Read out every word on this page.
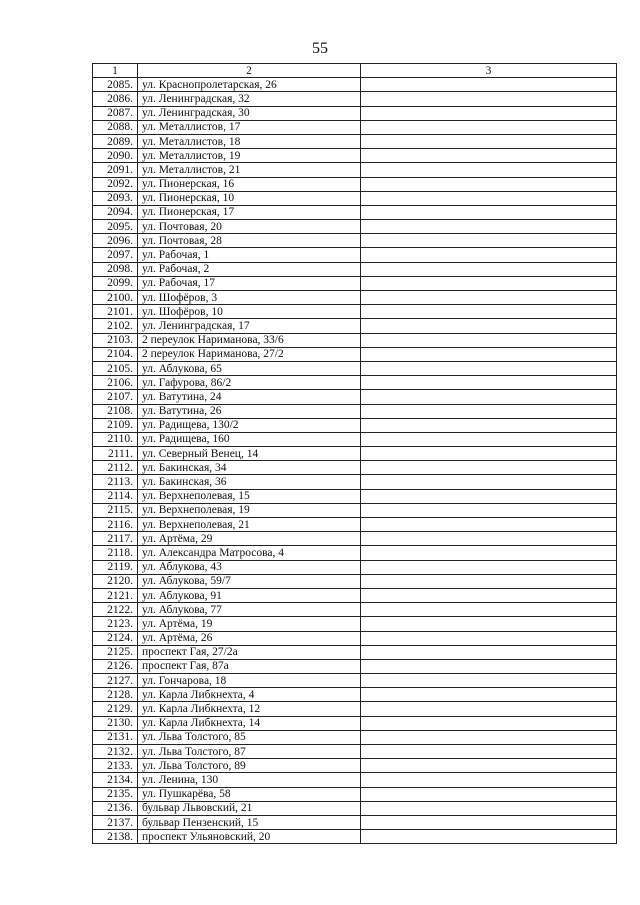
55
1	2	3
2085.	ул. Краснопролетарская, 26	
2086.	ул. Ленинградская, 32	
2087.	ул. Ленинградская, 30	
2088.	ул. Металлистов, 17	
2089.	ул. Металлистов, 18	
2090.	ул. Металлистов, 19	
2091.	ул. Металлистов, 21	
2092.	ул. Пионерская, 16	
2093.	ул. Пионерская, 10	
2094.	ул. Пионерская, 17	
2095.	ул. Почтовая, 20	
2096.	ул. Почтовая, 28	
2097.	ул. Рабочая, 1	
2098.	ул. Рабочая, 2	
2099.	ул. Рабочая, 17	
2100.	ул. Шофёров, 3	
2101.	ул. Шофёров, 10	
2102.	ул. Ленинградская, 17	
2103.	2 переулок Нариманова, 33/6	
2104.	2 переулок Нариманова, 27/2	
2105.	ул. Аблукова, 65	
2106.	ул. Гафурова, 86/2	
2107.	ул. Ватутина, 24	
2108.	ул. Ватутина, 26	
2109.	ул. Радищева, 130/2	
2110.	ул. Радищева, 160	
2111.	ул. Северный Венец, 14	
2112.	ул. Бакинская, 34	
2113.	ул. Бакинская, 36	
2114.	ул. Верхнеполевая, 15	
2115.	ул. Верхнеполевая, 19	
2116.	ул. Верхнеполевая, 21	
2117.	ул. Артёма, 29	
2118.	ул. Александра Матросова, 4	
2119.	ул. Аблукова, 43	
2120.	ул. Аблукова, 59/7	
2121.	ул. Аблукова, 91	
2122.	ул. Аблукова, 77	
2123.	ул. Артёма, 19	
2124.	ул. Артёма, 26	
2125.	проспект Гая, 27/2а	
2126.	проспект Гая, 87а	
2127.	ул. Гончарова, 18	
2128.	ул. Карла Либкнехта, 4	
2129.	ул. Карла Либкнехта, 12	
2130.	ул. Карла Либкнехта, 14	
2131.	ул. Льва Толстого, 85	
2132.	ул. Льва Толстого, 87	
2133.	ул. Льва Толстого, 89	
2134.	ул. Ленина, 130	
2135.	ул. Пушкарёва, 58	
2136.	бульвар Львовский, 21	
2137.	бульвар Пензенский, 15	
2138.	проспект Ульяновский, 20	
